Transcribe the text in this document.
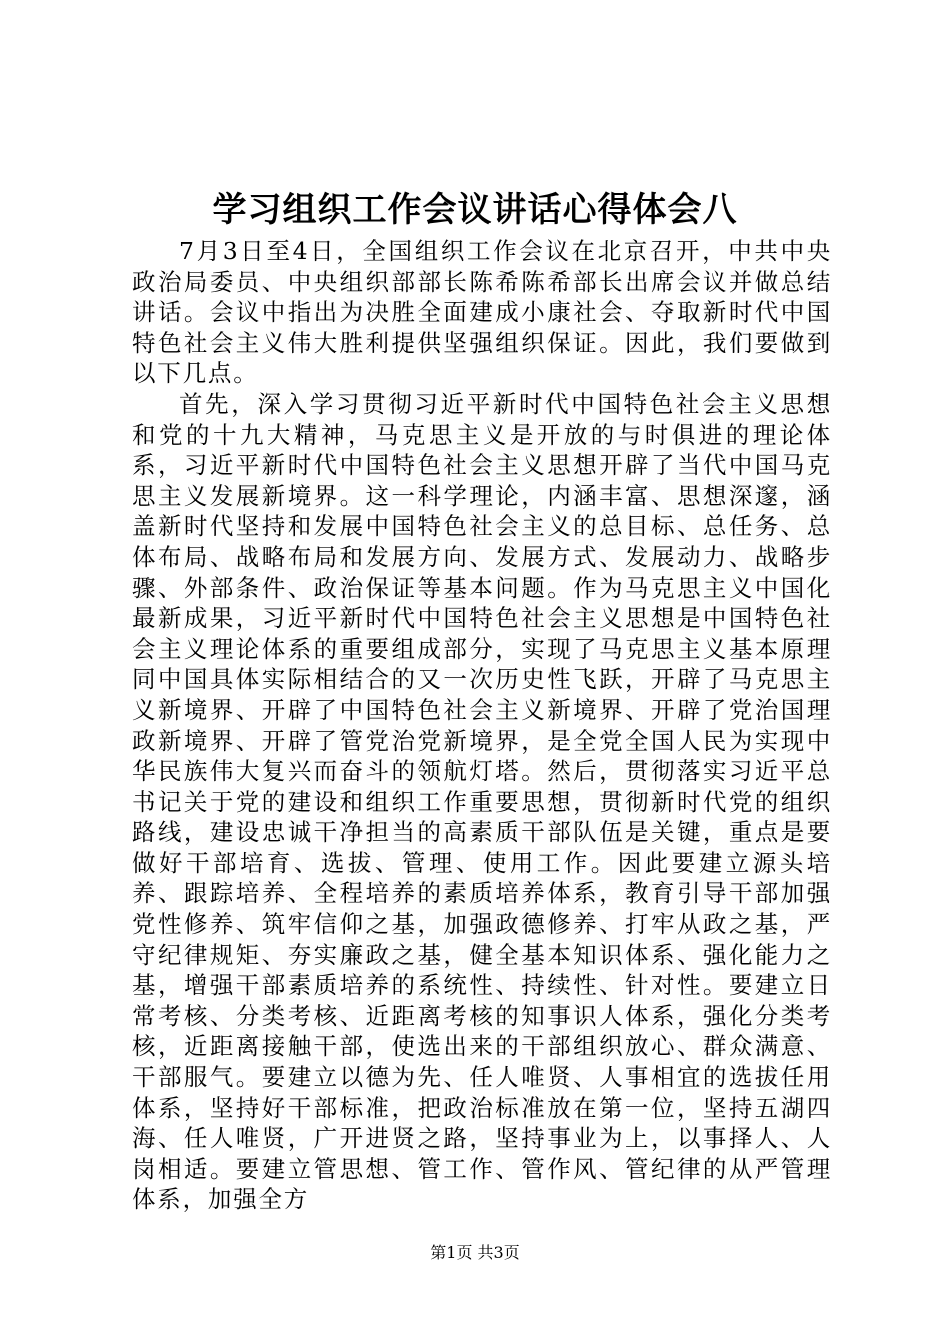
学习组织工作会议讲话心得体会八

7月3日至4日，全国组织工作会议在北京召开，中共中央政治局委员、中央组织部部长陈希陈希部长出席会议并做总结讲话。会议中指出为决胜全面建成小康社会、夺取新时代中国特色社会主义伟大胜利提供坚强组织保证。因此，我们要做到以下几点。

首先，深入学习贯彻习近平新时代中国特色社会主义思想和党的十九大精神，马克思主义是开放的与时俱进的理论体系，习近平新时代中国特色社会主义思想开辟了当代中国马克思主义发展新境界。这一科学理论，内涵丰富、思想深邃，涵盖新时代坚持和发展中国特色社会主义的总目标、总任务、总体布局、战略布局和发展方向、发展方式、发展动力、战略步骤、外部条件、政治保证等基本问题。作为马克思主义中国化最新成果，习近平新时代中国特色社会主义思想是中国特色社会主义理论体系的重要组成部分，实现了马克思主义基本原理同中国具体实际相结合的又一次历史性飞跃，开辟了马克思主义新境界、开辟了中国特色社会主义新境界、开辟了党治国理政新境界、开辟了管党治党新境界，是全党全国人民为实现中华民族伟大复兴而奋斗的领航灯塔。然后，贯彻落实习近平总书记关于党的建设和组织工作重要思想，贯彻新时代党的组织路线，建设忠诚干净担当的高素质干部队伍是关键，重点是要做好干部培育、选拔、管理、使用工作。因此要建立源头培养、跟踪培养、全程培养的素质培养体系，教育引导干部加强党性修养、筑牢信仰之基，加强政德修养、打牢从政之基，严守纪律规矩、夯实廉政之基，健全基本知识体系、强化能力之基，增强干部素质培养的系统性、持续性、针对性。要建立日常考核、分类考核、近距离考核的知事识人体系，强化分类考核，近距离接触干部，使选出来的干部组织放心、群众满意、干部服气。要建立以德为先、任人唯贤、人事相宜的选拔任用体系，坚持好干部标准，把政治标准放在第一位，坚持五湖四海、任人唯贤，广开进贤之路，坚持事业为上，以事择人、人岗相适。要建立管思想、管工作、管作风、管纪律的从严管理体系，加强全方

第1页 共3页
